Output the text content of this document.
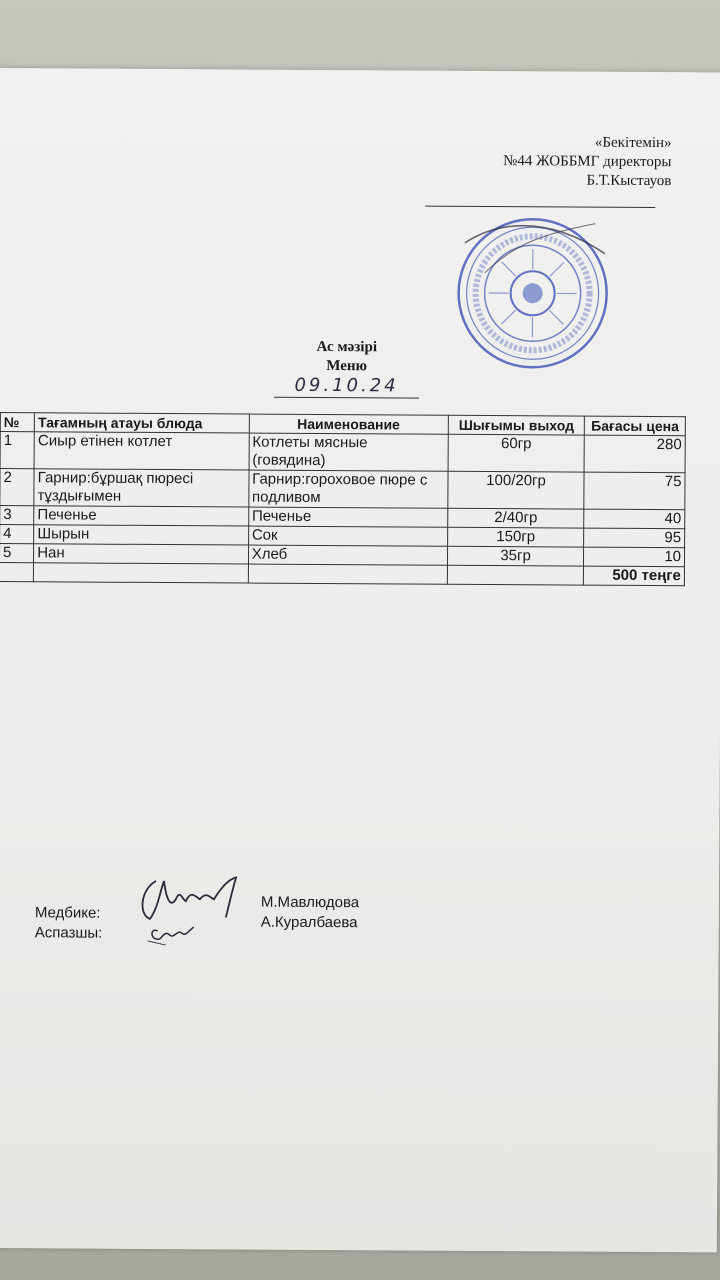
«Бекітемін»
№44 ЖОББМГ директоры
Б.Т.Кыстауов
Ас мәзірі
Меню
09.10.24
№	Тағамның атауы блюда	Наименование	Шығымы выход	Бағасы цена
1	Сиыр етінен котлет	Котлеты мясные (говядина)	60гр	280
2	Гарнир:бұршақ пюресі тұздығымен	Гарнир:гороховое пюре с подливом	100/20гр	75
3	Печенье	Печенье	2/40гр	40
4	Шырын	Сок	150гр	95
5	Нан	Хлеб	35гр	10
				500 теңге
Медбике:
Аспазшы:
М.Мавлюдова
А.Куралбаева
